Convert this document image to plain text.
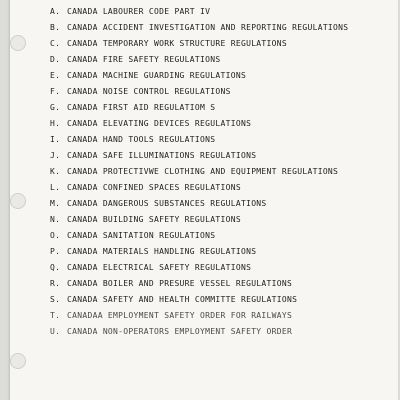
A. CANADA LABOURER CODE PART IV
B. CANADA ACCIDENT INVESTIGATION AND REPORTING REGULATIONS
C. CANADA TEMPORARY WORK STRUCTURE REGULATIONS
D. CANADA FIRE SAFETY REGULATIONS
E. CANADA MACHINE GUARDING REGULATIONS
F. CANADA NOISE CONTROL REGULATIONS
G. CANADA FIRST AID REGULATIOM S
H. CANADA ELEVATING DEVICES REGULATIONS
I. CANADA HAND TOOLS REGULATIONS
J. CANADA SAFE ILLUMINATIONS REGULATIONS
K. CANADA PROTECTIVWE CLOTHING AND EQUIPMENT REGULATIONS
L. CANADA CONFINED SPACES REGULATIONS
M. CANADA DANGEROUS SUBSTANCES REGULATIONS
N. CANADA BUILDING SAFETY REGULATIONS
O. CANADA SANITATION REGULATIONS
P. CANADA MATERIALS HANDLING REGULATIONS
Q. CANADA ELECTRICAL SAFETY REGULATIONS
R. CANADA BOILER AND PRESURE VESSEL REGULATIONS
S. CANADA SAFETY AND HEALTH COMMITTE REGULATIONS
T. CANADAA EMPLOYMENT SAFETY ORDER FOR RAILWAYS
U. CANADA NON-OPERATORS EMPLOYMENT SAFETY ORDER
